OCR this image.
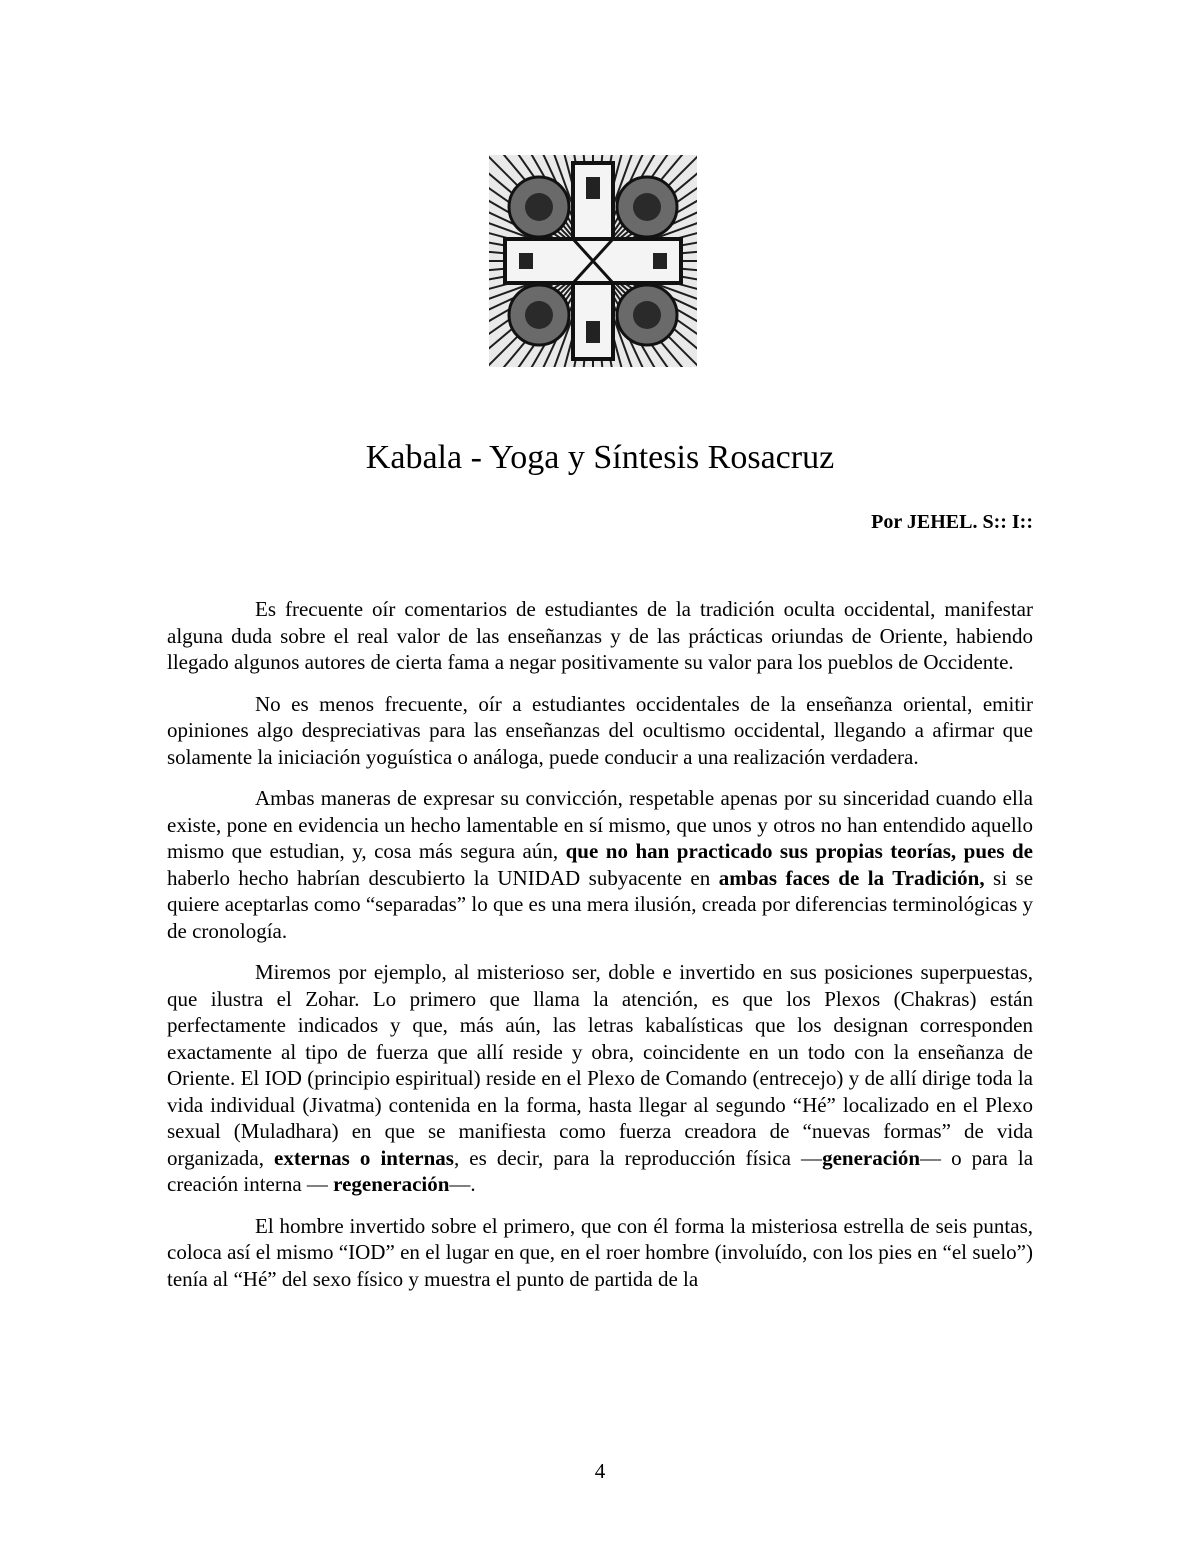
Kabala - Yoga y Síntesis Rosacruz

Por JEHEL. S:: I::

Es frecuente oír comentarios de estudiantes de la tradición oculta occidental, manifestar alguna duda sobre el real valor de las enseñanzas y de las prácticas oriundas de Oriente, habiendo llegado algunos autores de cierta fama a negar positivamente su valor para los pueblos de Occidente.

No es menos frecuente, oír a estudiantes occidentales de la enseñanza oriental, emitir opiniones algo despreciativas para las enseñanzas del ocultismo occidental, llegando a afirmar que solamente la iniciación yoguística o análoga, puede conducir a una realización verdadera.

Ambas maneras de expresar su convicción, respetable apenas por su sinceridad cuando ella existe, pone en evidencia un hecho lamentable en sí mismo, que unos y otros no han entendido aquello mismo que estudian, y, cosa más segura aún, que no han practicado sus propias teorías, pues de haberlo hecho habrían descubierto la UNIDAD subyacente en ambas faces de la Tradición, si se quiere aceptarlas como “separadas” lo que es una mera ilusión, creada por diferencias terminológicas y de cronología.

Miremos por ejemplo, al misterioso ser, doble e invertido en sus posiciones superpuestas, que ilustra el Zohar. Lo primero que llama la atención, es que los Plexos (Chakras) están perfectamente indicados y que, más aún, las letras kabalísticas que los designan corresponden exactamente al tipo de fuerza que allí reside y obra, coincidente en un todo con la enseñanza de Oriente. El IOD (principio espiritual) reside en el Plexo de Comando (entrecejo) y de allí dirige toda la vida individual (Jivatma) contenida en la forma, hasta llegar al segundo “Hé” localizado en el Plexo sexual (Muladhara) en que se manifiesta como fuerza creadora de “nuevas formas” de vida organizada, externas o internas, es decir, para la reproducción física —generación— o para la creación interna — regeneración—.

El hombre invertido sobre el primero, que con él forma la misteriosa estrella de seis puntas, coloca así el mismo “IOD” en el lugar en que, en el roer hombre (involuído, con los pies en “el suelo”) tenía al “Hé” del sexo físico y muestra el punto de partida de la

4
